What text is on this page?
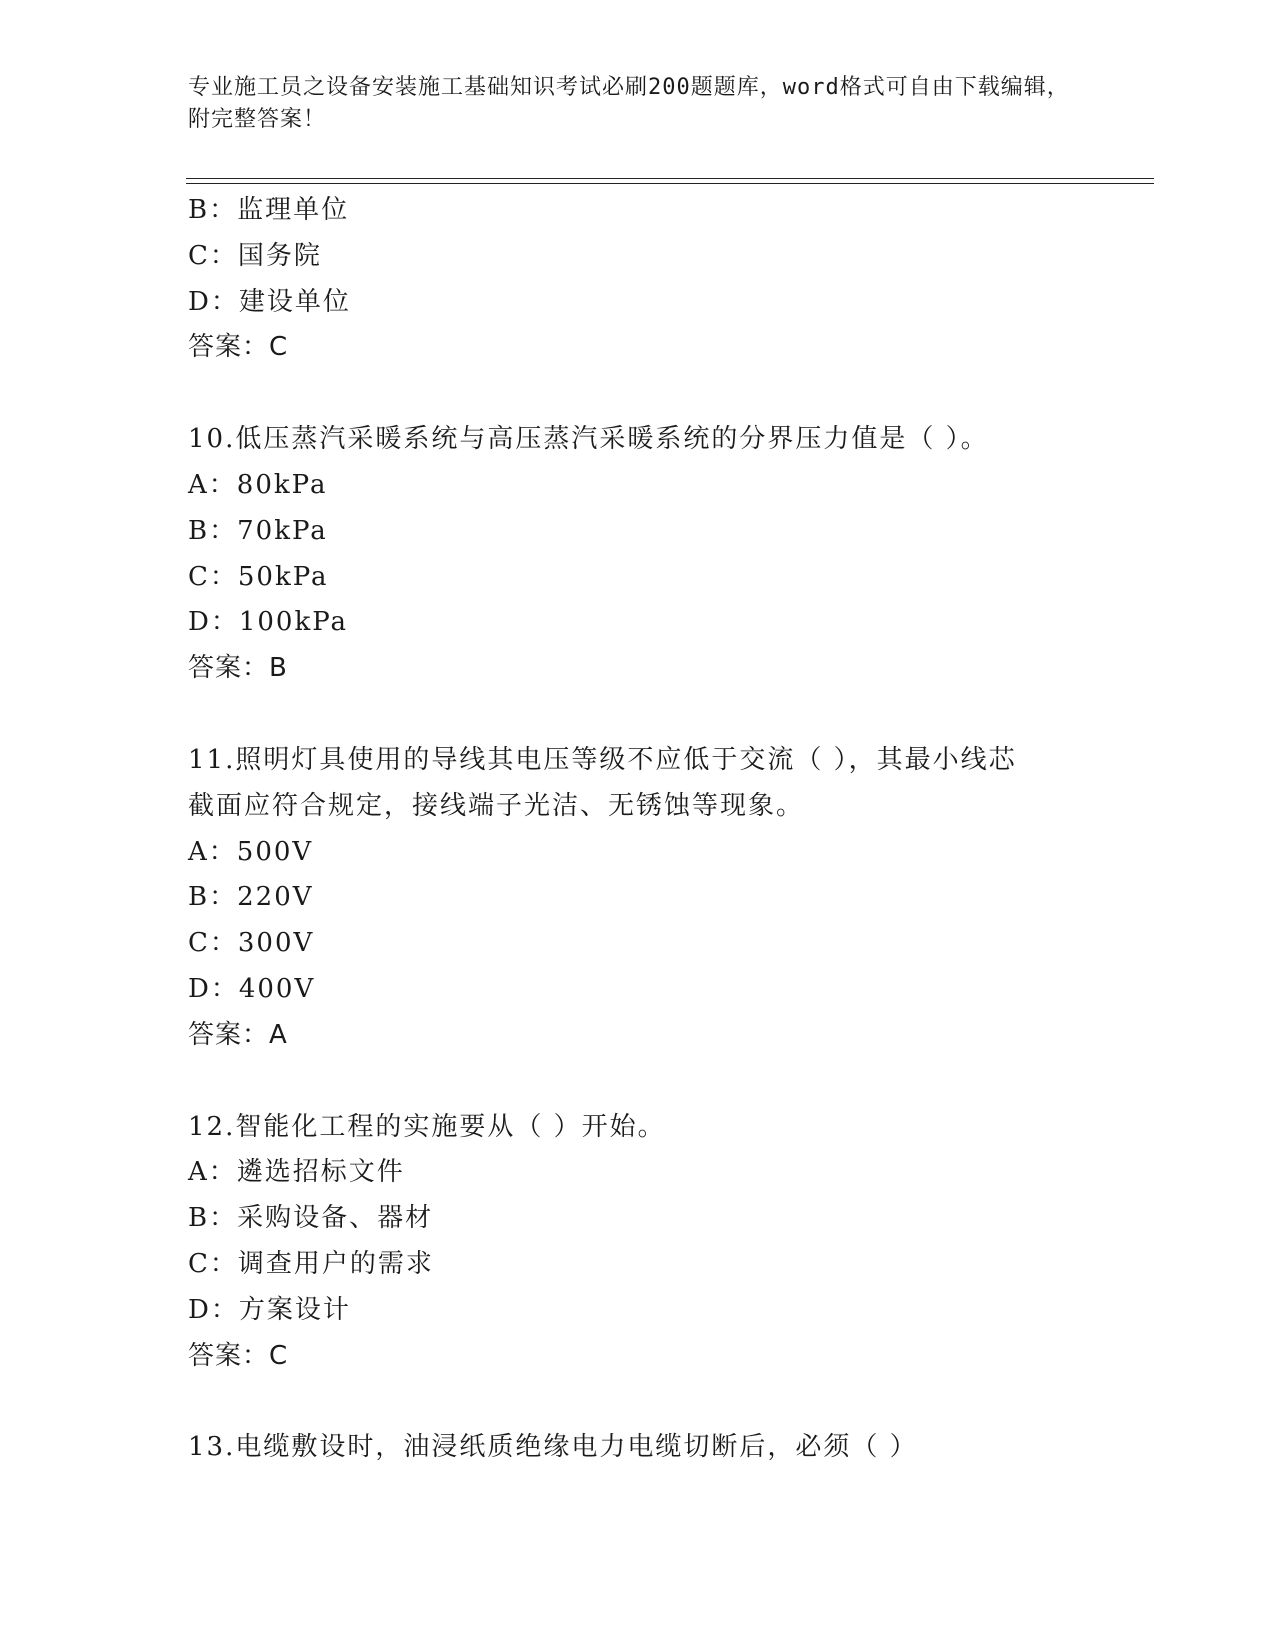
专业施工员之设备安装施工基础知识考试必刷200题题库，word格式可自由下载编辑，附完整答案！
B：监理单位
C：国务院
D：建设单位
答案：C
10.低压蒸汽采暖系统与高压蒸汽采暖系统的分界压力值是（ ）。
A：80kPa
B：70kPa
C：50kPa
D：100kPa
答案：B
11.照明灯具使用的导线其电压等级不应低于交流（ ），其最小线芯
截面应符合规定，接线端子光洁、无锈蚀等现象。
A：500V
B：220V
C：300V
D：400V
答案：A
12.智能化工程的实施要从（ ）开始。
A：遴选招标文件
B：采购设备、器材
C：调查用户的需求
D：方案设计
答案：C
13.电缆敷设时，油浸纸质绝缘电力电缆切断后，必须（ ）
